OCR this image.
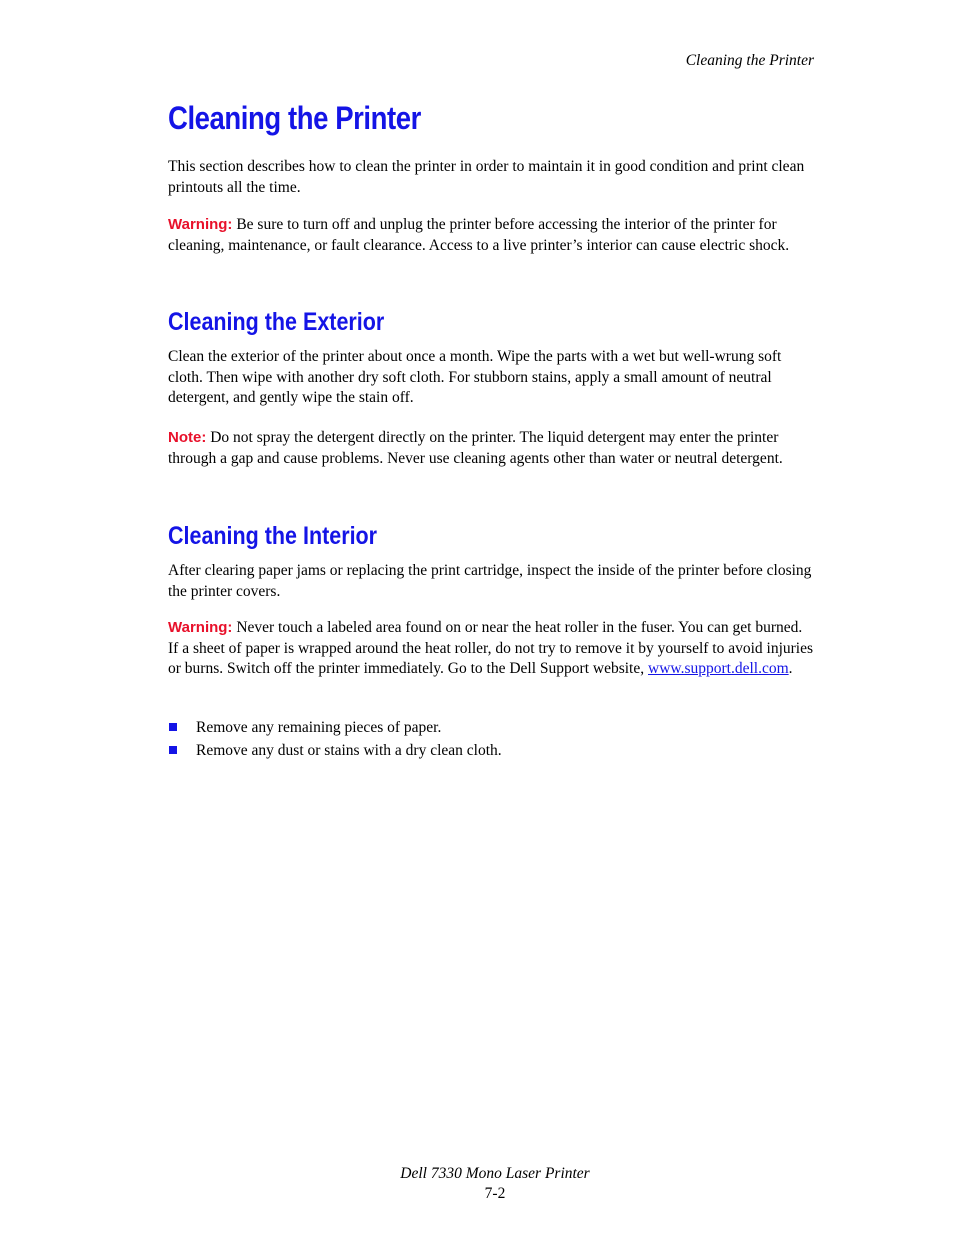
Cleaning the Printer
Cleaning the Printer

This section describes how to clean the printer in order to maintain it in good condition and print clean printouts all the time.

Warning: Be sure to turn off and unplug the printer before accessing the interior of the printer for cleaning, maintenance, or fault clearance. Access to a live printer’s interior can cause electric shock.

Cleaning the Exterior

Clean the exterior of the printer about once a month. Wipe the parts with a wet but well-wrung soft cloth. Then wipe with another dry soft cloth. For stubborn stains, apply a small amount of neutral detergent, and gently wipe the stain off.

Note: Do not spray the detergent directly on the printer. The liquid detergent may enter the printer through a gap and cause problems. Never use cleaning agents other than water or neutral detergent.

Cleaning the Interior

After clearing paper jams or replacing the print cartridge, inspect the inside of the printer before closing the printer covers.

Warning: Never touch a labeled area found on or near the heat roller in the fuser. You can get burned. If a sheet of paper is wrapped around the heat roller, do not try to remove it by yourself to avoid injuries or burns. Switch off the printer immediately. Go to the Dell Support website, www.support.dell.com.

Remove any remaining pieces of paper.
Remove any dust or stains with a dry clean cloth.
Dell 7330 Mono Laser Printer
7-2
